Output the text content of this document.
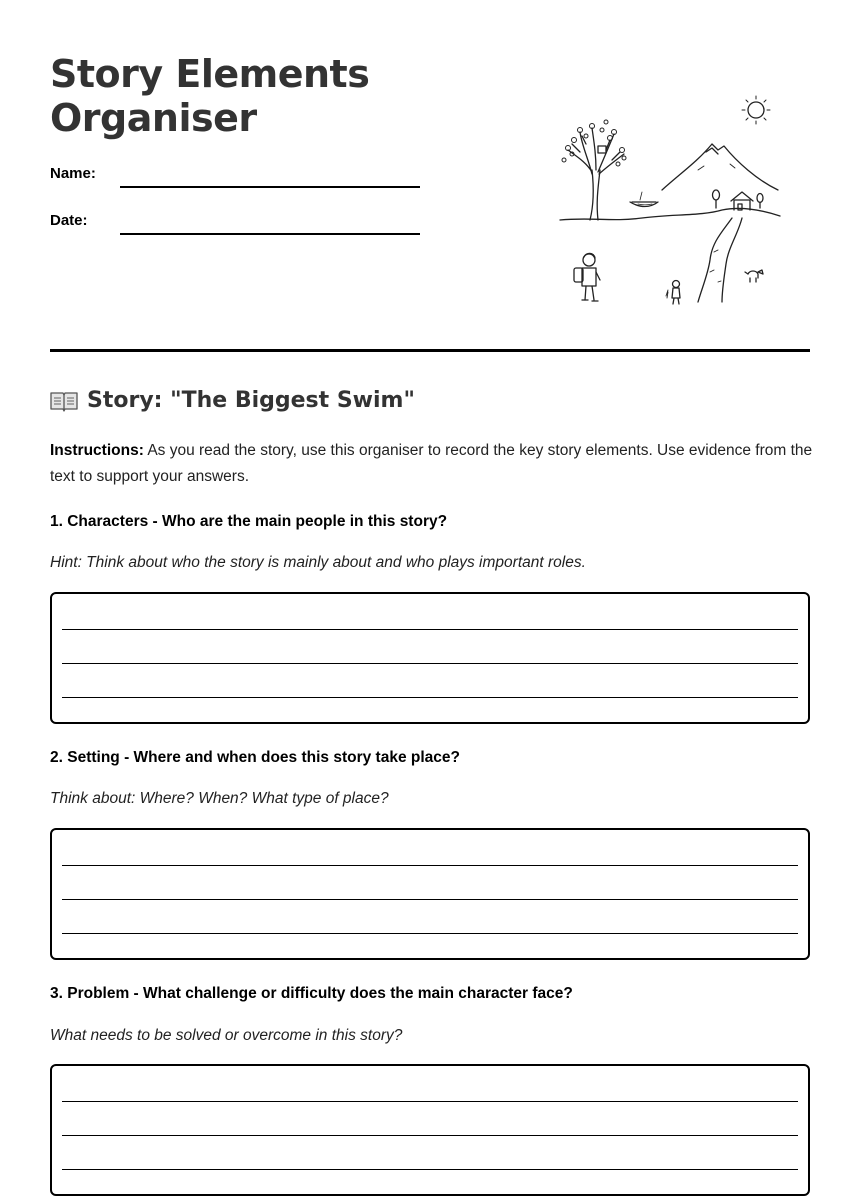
Story Elements
Organiser
Name:
Date:
Story: "The Biggest Swim"

Instructions: As you read the story, use this organiser to record the key story elements. Use evidence from the text to support your answers.

1. Characters - Who are the main people in this story?
Hint: Think about who the story is mainly about and who plays important roles.
2. Setting - Where and when does this story take place?
Think about: Where? When? What type of place?
3. Problem - What challenge or difficulty does the main character face?
What needs to be solved or overcome in this story?
